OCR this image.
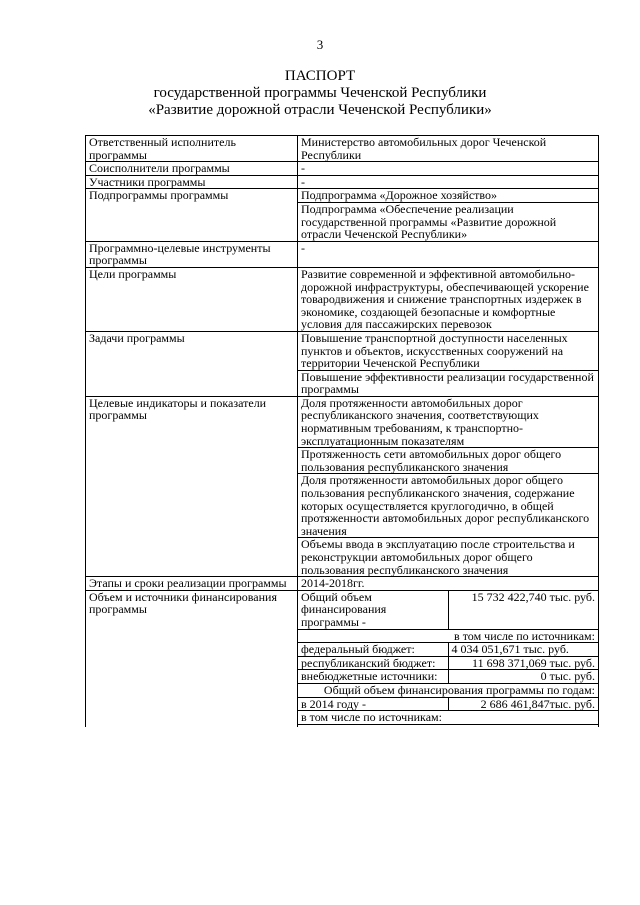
3
ПАСПОРТ
государственной программы Чеченской Республики
«Развитие дорожной отрасли Чеченской Республики»
Ответственный исполнитель программы	Министерство автомобильных дорог Чеченской Республики	
Соисполнители программы	-	
Участники программы	-	
Подпрограммы программы	Подпрограмма «Дорожное хозяйство»	
	Подпрограмма «Обеспечение реализации государственной программы «Развитие дорожной отрасли Чеченской Республики»	
Программно-целевые инструменты программы	-	
Цели программы	Развитие современной и эффективной автомобильно-дорожной инфраструктуры, обеспечивающей ускорение товародвижения и снижение транспортных издержек в экономике, создающей безопасные и комфортные условия для пассажирских перевозок	
Задачи программы	Повышение транспортной доступности населенных пунктов и объектов, искусственных сооружений на территории Чеченской Республики	
	Повышение эффективности реализации государственной программы	
Целевые индикаторы и показатели программы	Доля протяженности автомобильных дорог республиканского значения, соответствующих нормативным требованиям, к транспортно-эксплуатационным показателям	
	Протяженность сети автомобильных дорог общего пользования республиканского значения	
	Доля протяженности автомобильных дорог общего пользования республиканского значения, содержание которых осуществляется круглогодично, в общей протяженности автомобильных дорог республиканского значения	
	Объемы ввода в эксплуатацию после строительства и реконструкции автомобильных дорог общего пользования республиканского значения	
Этапы и сроки реализации программы	2014-2018гг.	
Объем и источники финансирования программы	Общий объем финансирования программы -	15 732 422,740 тыс. руб.
	в том числе по источникам:	
	федеральный бюджет:	4 034 051,671 тыс. руб.
	республиканский бюджет:	11 698 371,069 тыс. руб.
	внебюджетные источники:	0 тыс. руб.
	Общий объем финансирования программы по годам:	
	в 2014 году -	2 686 461,847тыс. руб.
	в том числе по источникам:	
